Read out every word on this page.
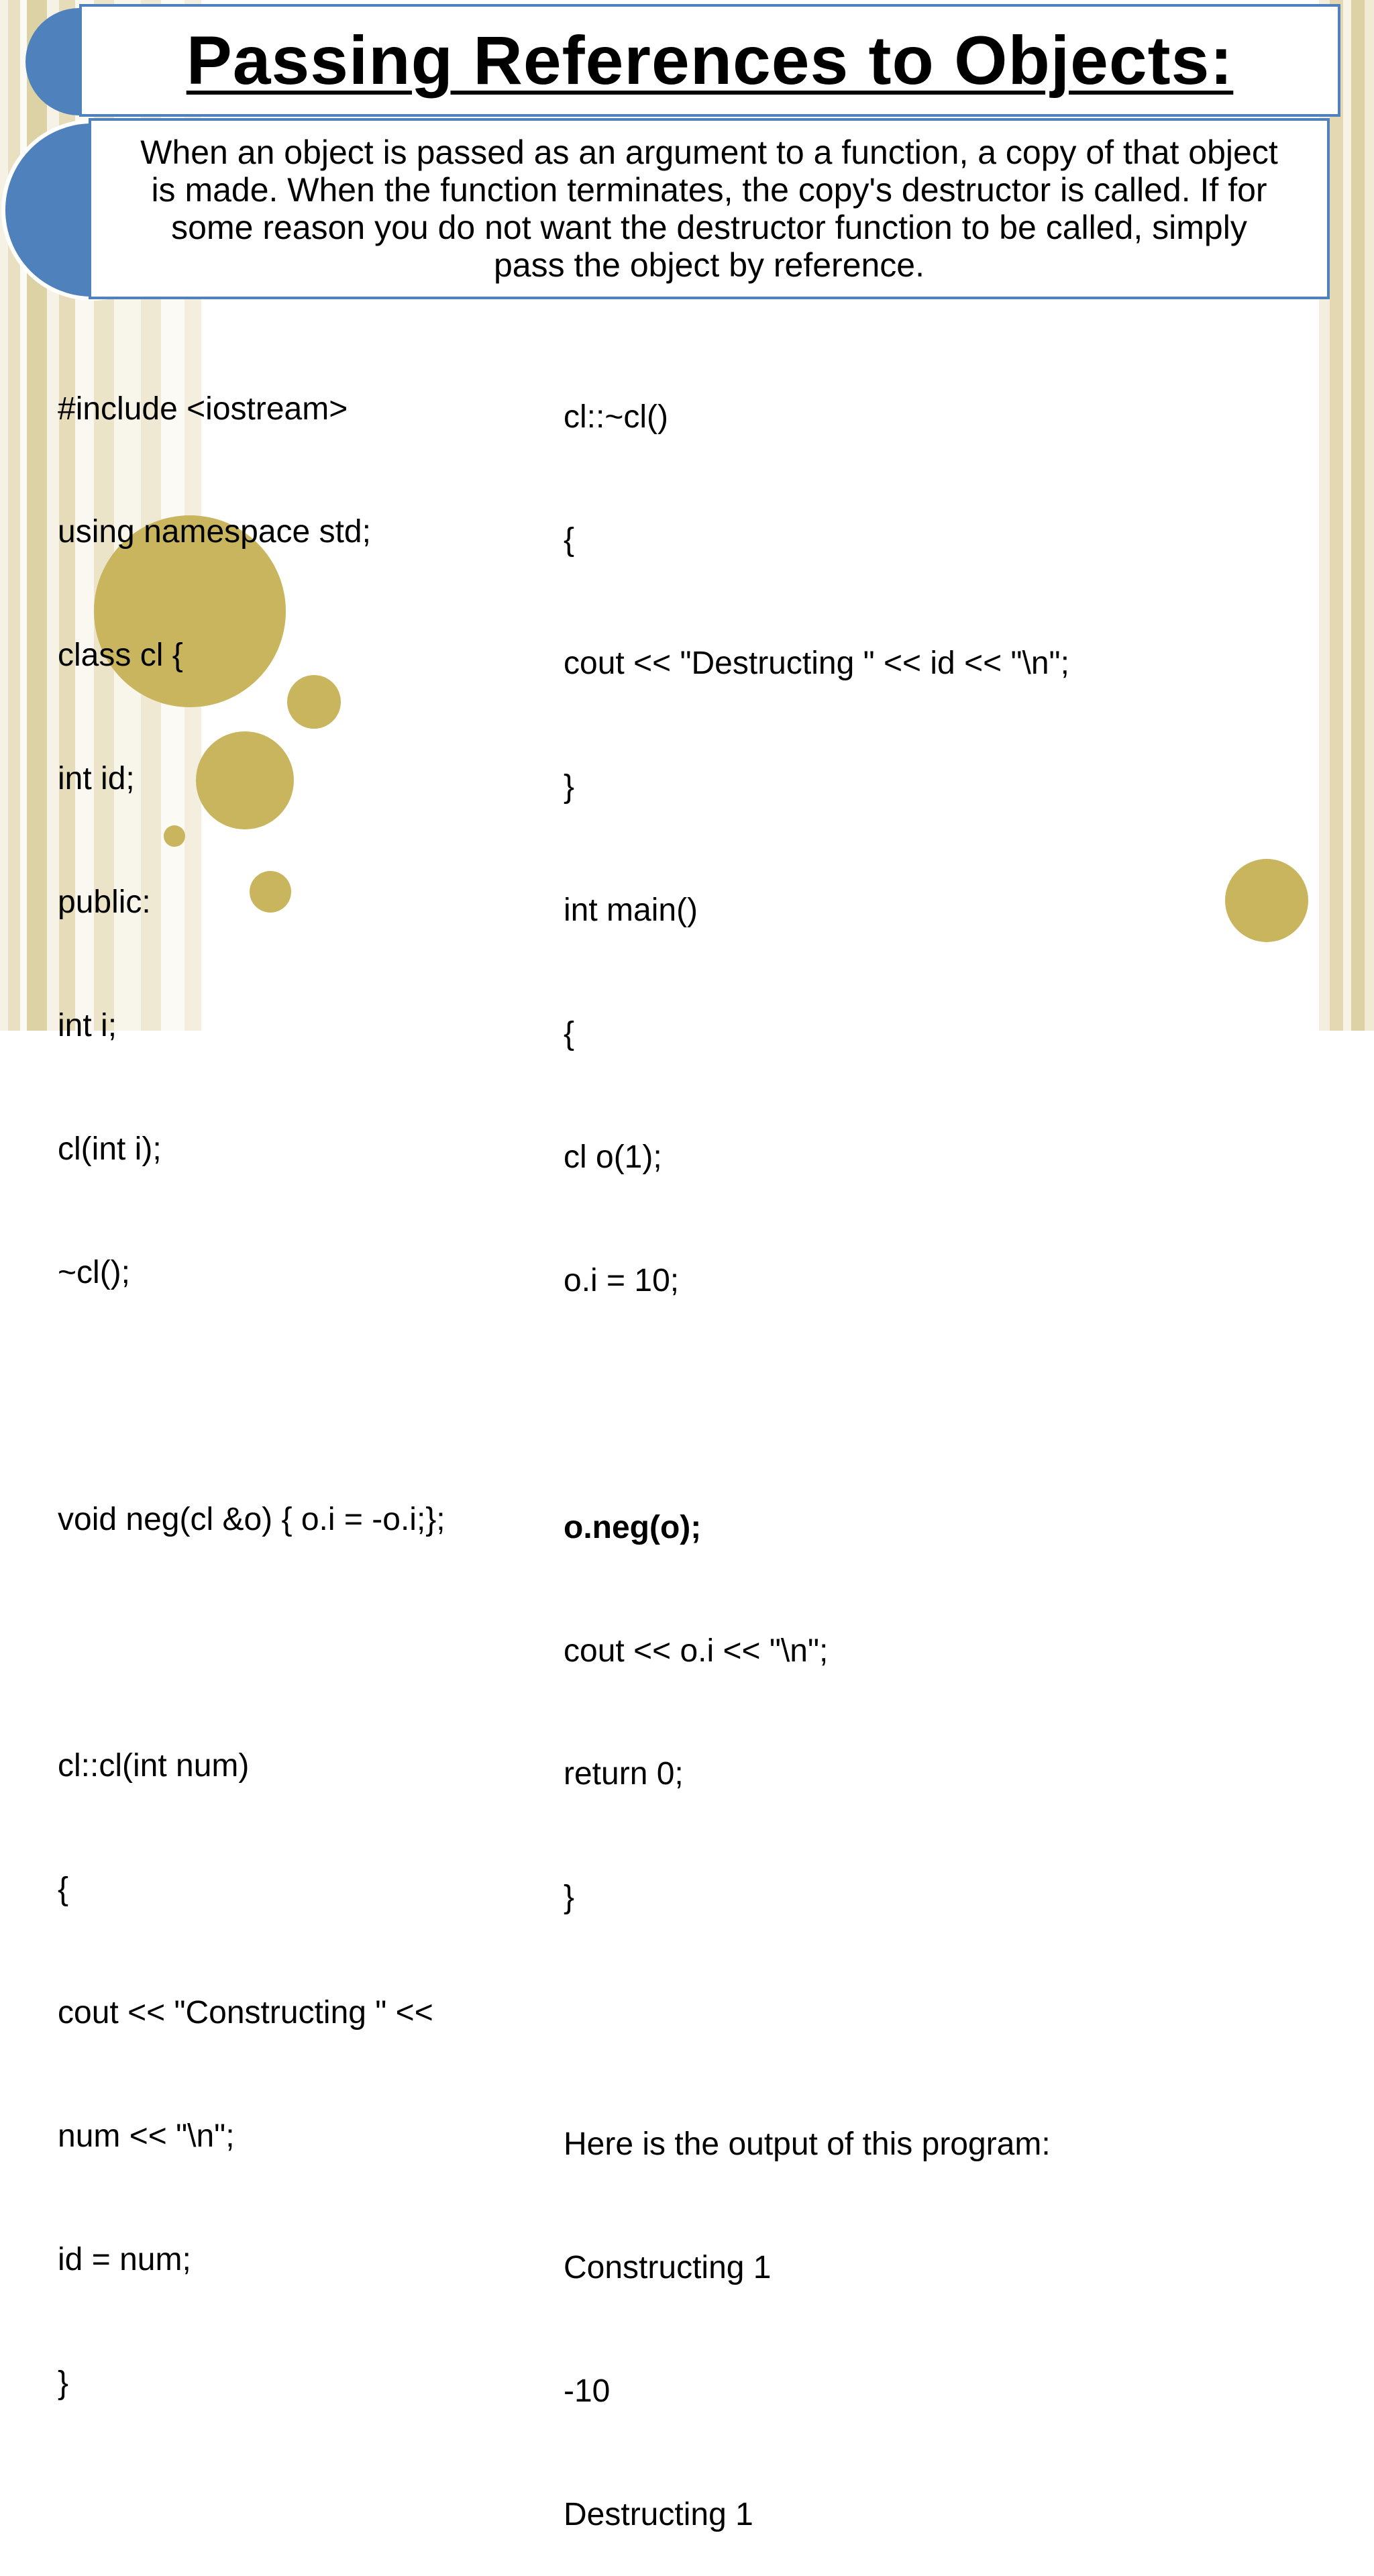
Passing References to Objects:
When an object is passed as an argument to a function, a copy of that object is made. When the function terminates, the copy's destructor is called. If for some reason you do not want the destructor function to be called, simply pass the object by reference.

#include <iostream>

using namespace std;

class cl {

int id;

public:

int i;

cl(int i);

~cl();

void neg(cl &o) { o.i = -o.i;};

cl::cl(int num)

{

cout << "Constructing " <<

num << "\n";

id = num;

}

cl::~cl()

{

cout << "Destructing " << id << "\n";

}

int main()

{

cl o(1);

o.i = 10;

o.neg(o);

cout << o.i << "\n";

return 0;

}

Here is the output of this program:

Constructing 1

-10

Destructing 1
